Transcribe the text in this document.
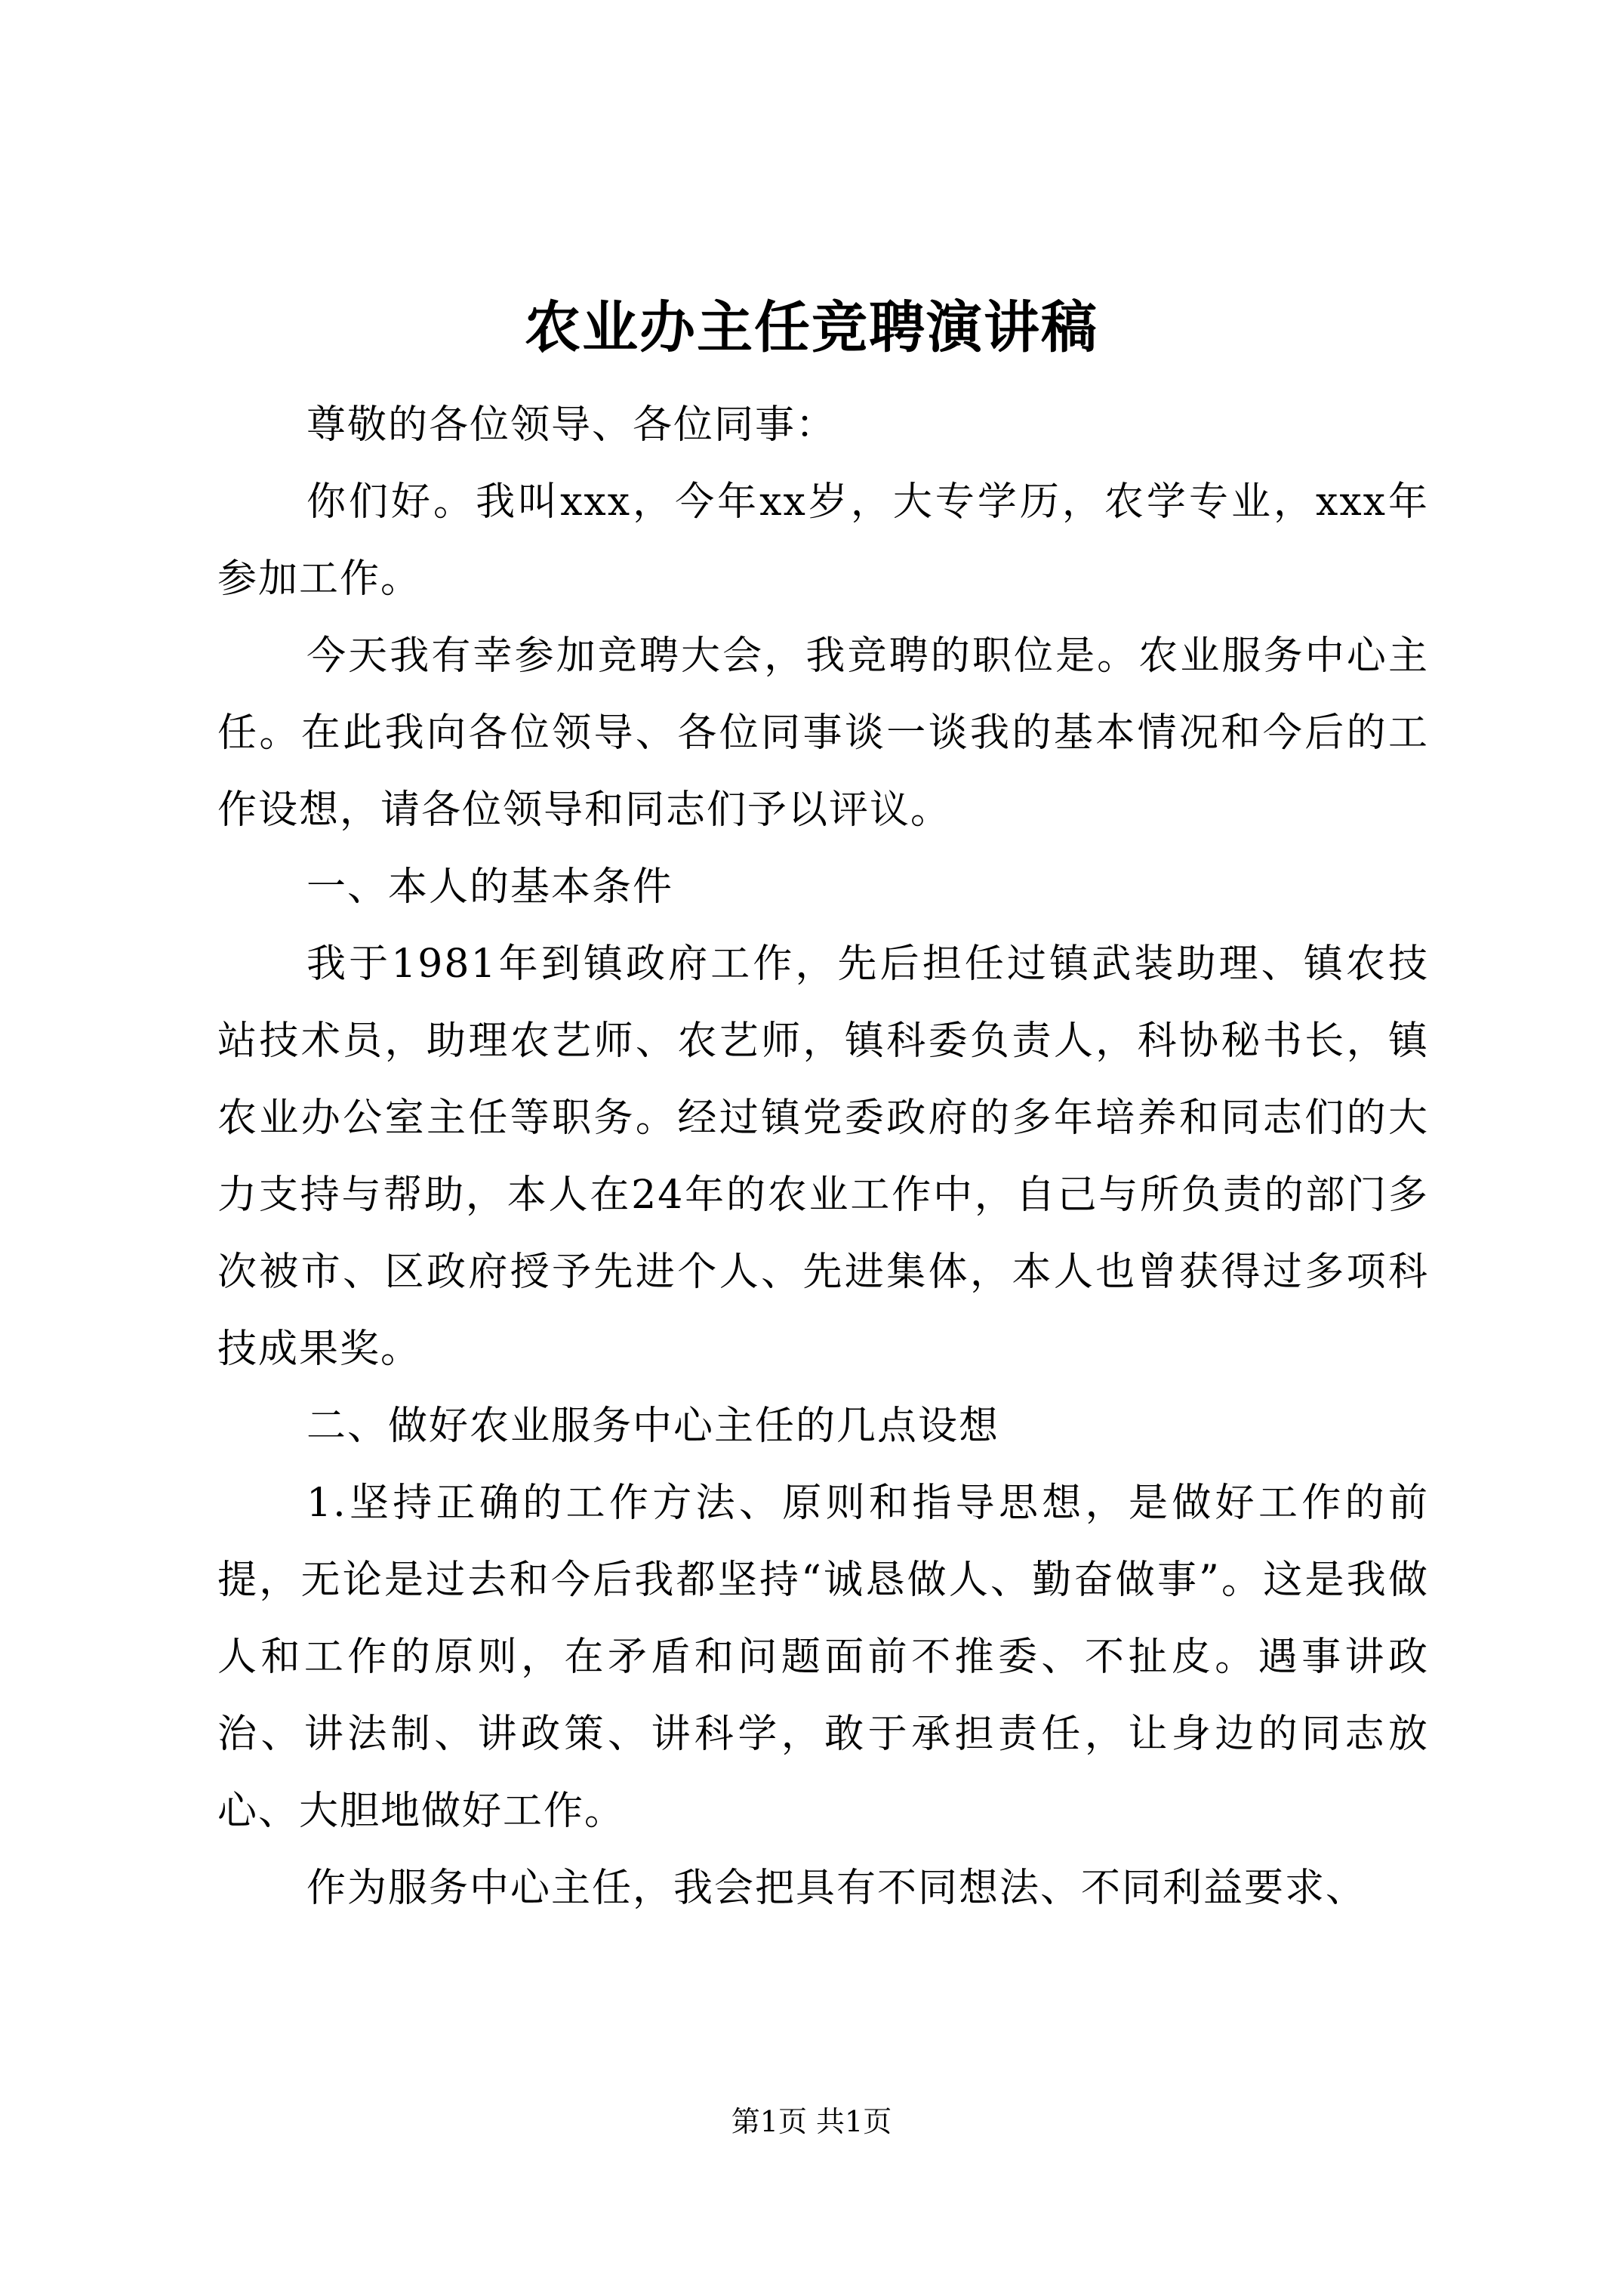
农业办主任竞聘演讲稿

尊敬的各位领导、各位同事：

你们好。我叫xxx，今年xx岁，大专学历，农学专业，xxx年参加工作。

今天我有幸参加竞聘大会，我竞聘的职位是。农业服务中心主任。在此我向各位领导、各位同事谈一谈我的基本情况和今后的工作设想，请各位领导和同志们予以评议。

一、本人的基本条件

我于1981年到镇政府工作，先后担任过镇武装助理、镇农技站技术员，助理农艺师、农艺师，镇科委负责人，科协秘书长，镇农业办公室主任等职务。经过镇党委政府的多年培养和同志们的大力支持与帮助，本人在24年的农业工作中，自己与所负责的部门多次被市、区政府授予先进个人、先进集体，本人也曾获得过多项科技成果奖。

二、做好农业服务中心主任的几点设想

1.坚持正确的工作方法、原则和指导思想，是做好工作的前提，无论是过去和今后我都坚持“诚恳做人、勤奋做事”。这是我做人和工作的原则，在矛盾和问题面前不推委、不扯皮。遇事讲政治、讲法制、讲政策、讲科学，敢于承担责任，让身边的同志放心、大胆地做好工作。

作为服务中心主任，我会把具有不同想法、不同利益要求、

第1页 共1页
